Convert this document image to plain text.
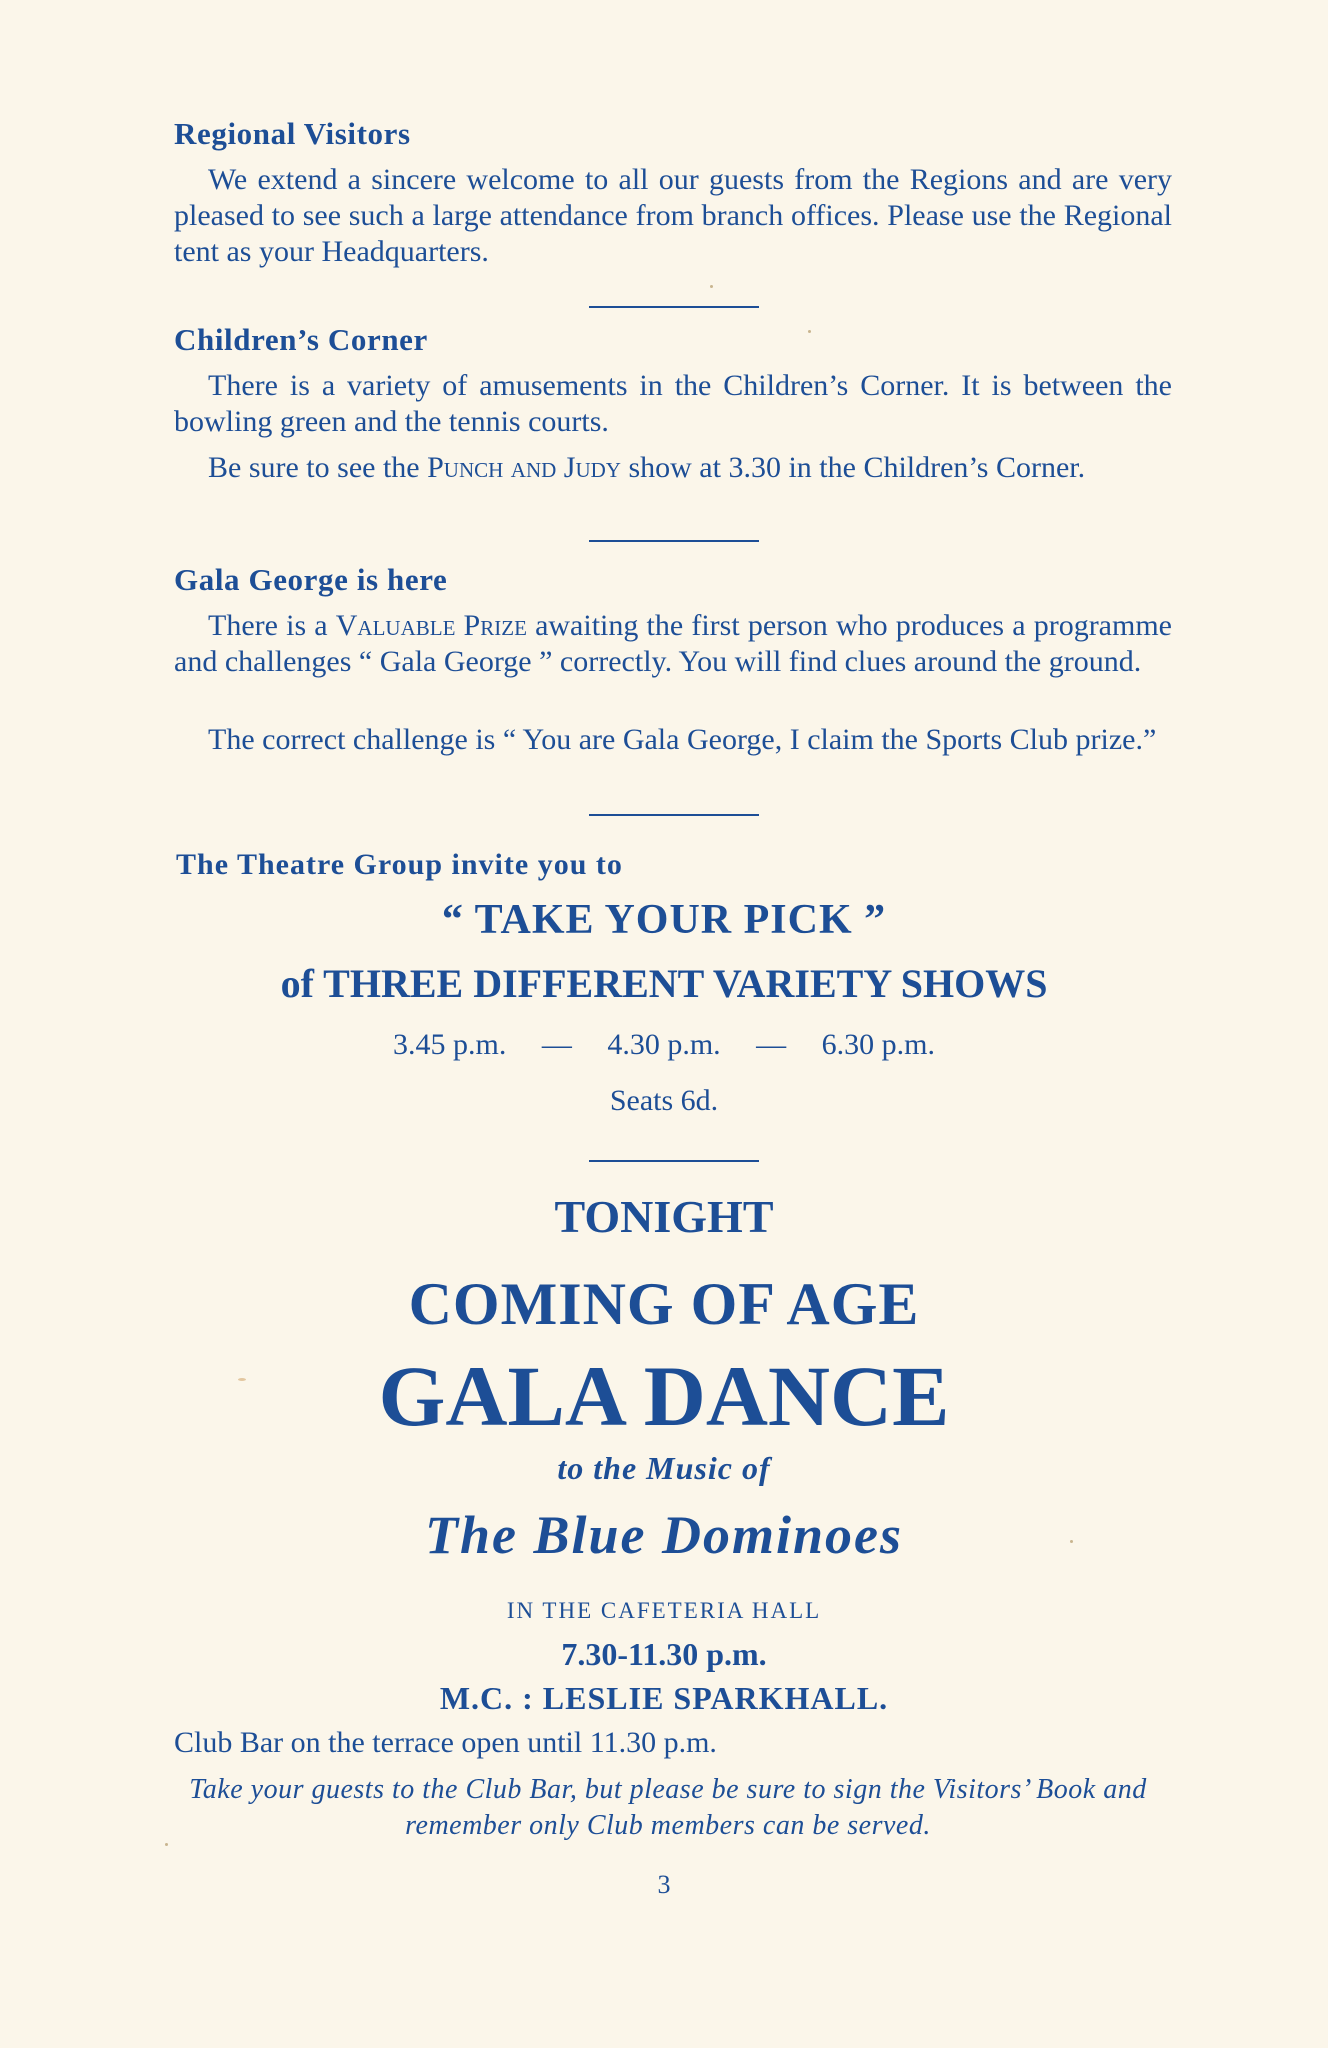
Regional Visitors
We extend a sincere welcome to all our guests from the Regions and are very pleased to see such a large attendance from branch offices. Please use the Regional tent as your Headquarters.
Children’s Corner
There is a variety of amusements in the Children’s Corner. It is between the bowling green and the tennis courts.
Be sure to see the Punch and Judy show at 3.30 in the Children’s Corner.
Gala George is here
There is a Valuable Prize awaiting the first person who produces a programme and challenges “ Gala George ” correctly. You will find clues around the ground.
The correct challenge is “ You are Gala George, I claim the Sports Club prize.”
The Theatre Group invite you to
“ TAKE YOUR PICK ”
of THREE DIFFERENT VARIETY SHOWS
3.45 p.m. — 4.30 p.m. — 6.30 p.m.
Seats 6d.
TONIGHT
COMING OF AGE
GALA DANCE
to the Music of
The Blue Dominoes
IN THE CAFETERIA HALL
7.30-11.30 p.m.
M.C. : LESLIE SPARKHALL.
Club Bar on the terrace open until 11.30 p.m.
Take your guests to the Club Bar, but please be sure to sign the Visitors’ Book and remember only Club members can be served.
3
